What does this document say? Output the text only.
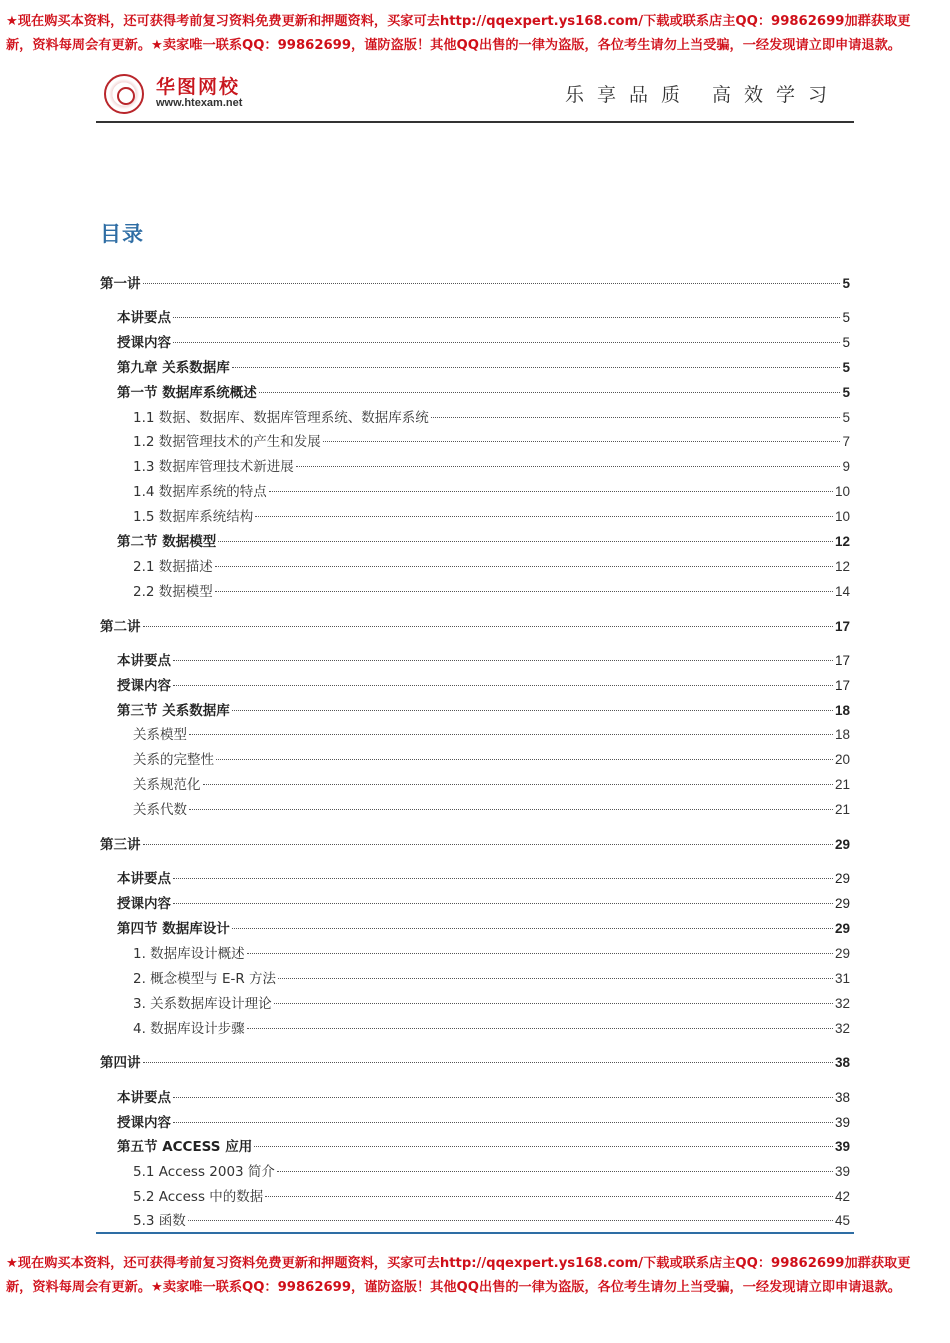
★现在购买本资料，还可获得考前复习资料免费更新和押题资料，买家可去http://qqexpert.ys168.com/下载或联系店主QQ：99862699加群获取更
新，资料每周会有更新。★卖家唯一联系QQ：99862699，谨防盗版！其他QQ出售的一律为盗版，各位考生请勿上当受骗，一经发现请立即申请退款。
华图网校
www.htexam.net	乐享品质 高效学习
目录
第一讲	5
本讲要点	5
授课内容	5
第九章 关系数据库	5
第一节 数据库系统概述	5
1.1 数据、数据库、数据库管理系统、数据库系统	5
1.2 数据管理技术的产生和发展	7
1.3 数据库管理技术新进展	9
1.4 数据库系统的特点	10
1.5 数据库系统结构	10
第二节 数据模型	12
2.1 数据描述	12
2.2 数据模型	14
第二讲	17
本讲要点	17
授课内容	17
第三节 关系数据库	18
关系模型	18
关系的完整性	20
关系规范化	21
关系代数	21
第三讲	29
本讲要点	29
授课内容	29
第四节 数据库设计	29
1. 数据库设计概述	29
2. 概念模型与 E-R 方法	31
3. 关系数据库设计理论	32
4. 数据库设计步骤	32
第四讲	38
本讲要点	38
授课内容	39
第五节 ACCESS 应用	39
5.1 Access 2003 简介	39
5.2 Access 中的数据	42
5.3 函数	45
★现在购买本资料，还可获得考前复习资料免费更新和押题资料，买家可去http://qqexpert.ys168.com/下载或联系店主QQ：99862699加群获取更
新，资料每周会有更新。★卖家唯一联系QQ：99862699，谨防盗版！其他QQ出售的一律为盗版，各位考生请勿上当受骗，一经发现请立即申请退款。
